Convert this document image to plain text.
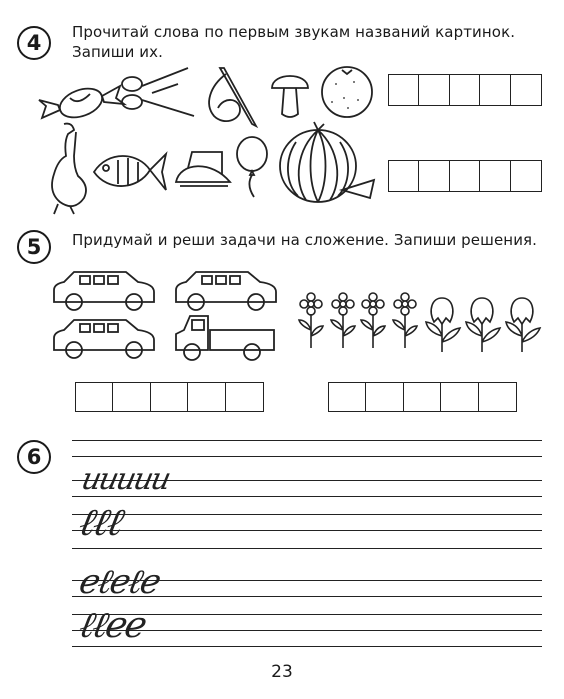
4 Прочитай слова по первым звукам названий картинок.
Запиши их.
5 Придумай и реши задачи на сложение. Запиши решения.
6
uuuuu
ℓℓℓ
eℓeℓe
ℓℓee
23
